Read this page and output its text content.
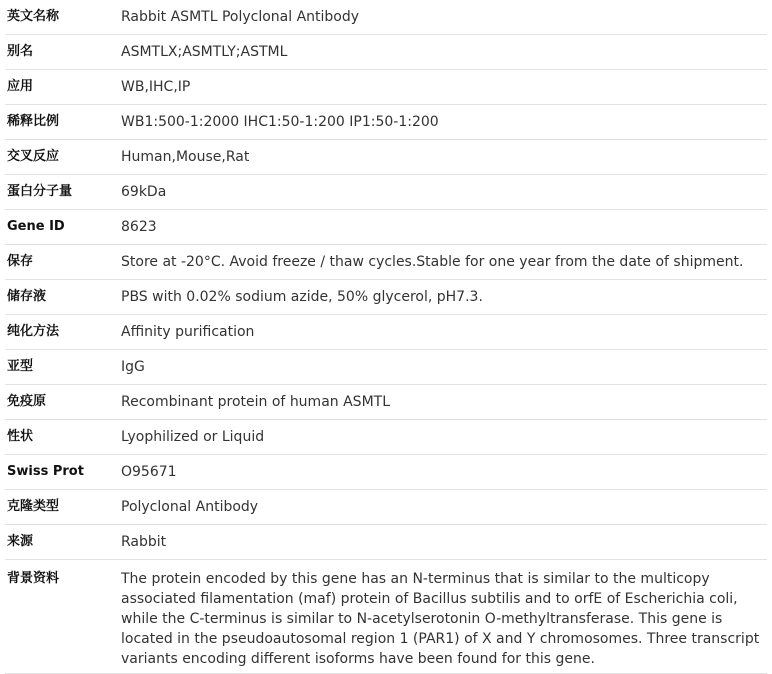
英文名称	Rabbit ASMTL Polyclonal Antibody
别名	ASMTLX;ASMTLY;ASTML
应用	WB,IHC,IP
稀释比例	WB1:500-1:2000 IHC1:50-1:200 IP1:50-1:200
交叉反应	Human,Mouse,Rat
蛋白分子量	69kDa
Gene ID	8623
保存	Store at -20°C. Avoid freeze / thaw cycles.Stable for one year from the date of shipment.
储存液	PBS with 0.02% sodium azide, 50% glycerol, pH7.3.
纯化方法	Affinity purification
亚型	IgG
免疫原	Recombinant protein of human ASMTL
性状	Lyophilized or Liquid
Swiss Prot	O95671
克隆类型	Polyclonal Antibody
来源	Rabbit
背景资料	The protein encoded by this gene has an N-terminus that is similar to the multicopy associated filamentation (maf) protein of Bacillus subtilis and to orfE of Escherichia coli, while the C-terminus is similar to N-acetylserotonin O-methyltransferase. This gene is located in the pseudoautosomal region 1 (PAR1) of X and Y chromosomes. Three transcript variants encoding different isoforms have been found for this gene.
